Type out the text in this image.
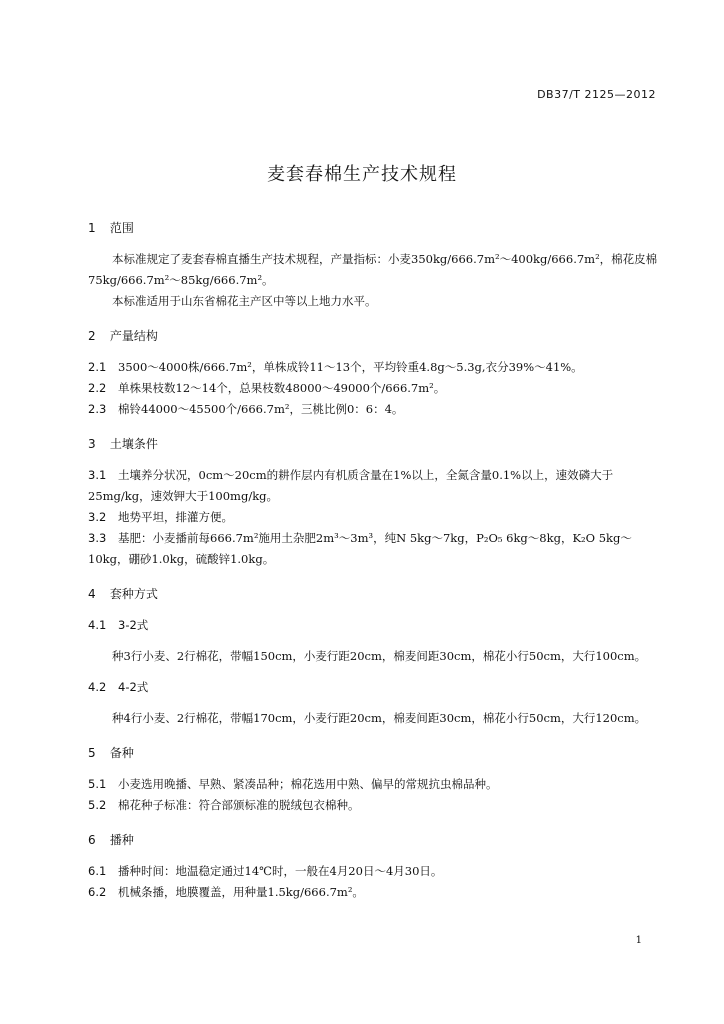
DB37/T 2125—2012
麦套春棉生产技术规程

1 范围

本标准规定了麦套春棉直播生产技术规程，产量指标：小麦350kg/666.7m²～400kg/666.7m²，棉花皮棉75kg/666.7m²～85kg/666.7m²。

本标准适用于山东省棉花主产区中等以上地力水平。

2 产量结构

2.1 3500～4000株/666.7m²，单株成铃11～13个，平均铃重4.8g～5.3g,衣分39%～41%。

2.2 单株果枝数12～14个，总果枝数48000～49000个/666.7m²。

2.3 棉铃44000～45500个/666.7m²，三桃比例0：6：4。

3 土壤条件

3.1 土壤养分状况，0cm～20cm的耕作层内有机质含量在1%以上，全氮含量0.1%以上，速效磷大于25mg/kg，速效钾大于100mg/kg。

3.2 地势平坦，排灌方便。

3.3 基肥：小麦播前每666.7m²施用土杂肥2m³～3m³，纯N 5kg～7kg，P₂O₅ 6kg～8kg，K₂O 5kg～10kg，硼砂1.0kg，硫酸锌1.0kg。

4 套种方式

4.1 3-2式

种3行小麦、2行棉花，带幅150cm，小麦行距20cm，棉麦间距30cm，棉花小行50cm，大行100cm。

4.2 4-2式

种4行小麦、2行棉花，带幅170cm，小麦行距20cm，棉麦间距30cm，棉花小行50cm，大行120cm。

5 备种

5.1 小麦选用晚播、早熟、紧凑品种；棉花选用中熟、偏早的常规抗虫棉品种。

5.2 棉花种子标准：符合部颁标准的脱绒包衣棉种。

6 播种

6.1 播种时间：地温稳定通过14℃时，一般在4月20日～4月30日。

6.2 机械条播，地膜覆盖，用种量1.5kg/666.7m²。

1
